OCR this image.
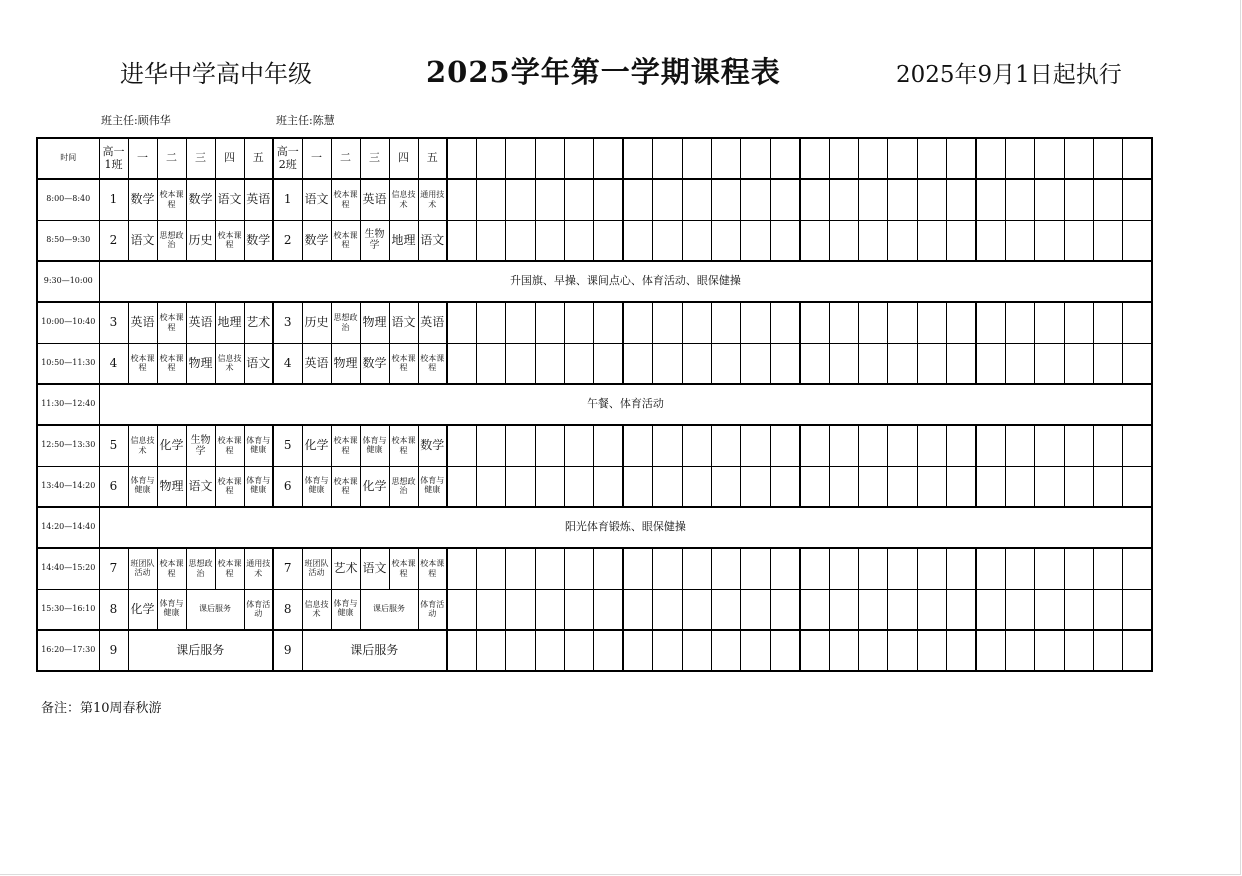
进华中学高中年级	2025学年第一学期课程表	2025年9月1日起执行
班主任:顾伟华	班主任:陈慧
时间	高一1班	一	二	三	四	五	高一2班	一	二	三	四	五																								
8:00—8:40	1	数学	校本课程	数学	语文	英语	1	语文	校本课程	英语	信息技术	通用技术																								
8:50—9:30	2	语文	思想政治	历史	校本课程	数学	2	数学	校本课程	生物学	地理	语文																								
9:30—10:00	升国旗、早操、课间点心、体育活动、眼保健操																																			
10:00—10:40	3	英语	校本课程	英语	地理	艺术	3	历史	思想政治	物理	语文	英语																								
10:50—11:30	4	校本课程	校本课程	物理	信息技术	语文	4	英语	物理	数学	校本课程	校本课程																								
11:30—12:40	午餐、体育活动																																			
12:50—13:30	5	信息技术	化学	生物学	校本课程	体育与健康	5	化学	校本课程	体育与健康	校本课程	数学																								
13:40—14:20	6	体育与健康	物理	语文	校本课程	体育与健康	6	体育与健康	校本课程	化学	思想政治	体育与健康																								
14:20—14:40	阳光体育锻炼、眼保健操																																			
14:40—15:20	7	班团队活动	校本课程	思想政治	校本课程	通用技术	7	班团队活动	艺术	语文	校本课程	校本课程																								
15:30—16:10	8	化学	体育与健康	课后服务		体育活动	8	信息技术	体育与健康	课后服务		体育活动																								
16:20—17:30	9	课后服务					9	课后服务																												
备注：第10周春秋游
